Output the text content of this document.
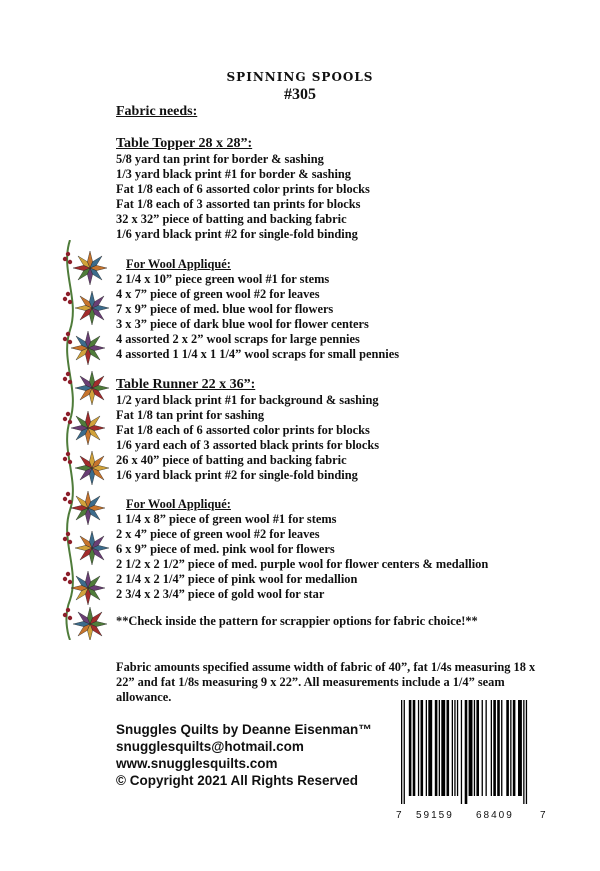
SPINNING SPOOLS
#305
Fabric needs:
Table Topper 28 x 28”:
5/8 yard tan print for border & sashing
1/3 yard black print #1 for border & sashing
Fat 1/8 each of 6 assorted color prints for blocks
Fat 1/8 each of 3 assorted tan prints for blocks
32 x 32” piece of batting and backing fabric
1/6 yard black print #2 for single-fold binding
For Wool Appliqué:
2 1/4 x 10” piece green wool #1 for stems
4 x 7” piece of green wool #2 for leaves
7 x 9” piece of med. blue wool for flowers
3 x 3” piece of dark blue wool for flower centers
4 assorted 2 x 2” wool scraps for large pennies
4 assorted 1 1/4 x 1 1/4” wool scraps for small pennies
Table Runner 22 x 36”:
1/2 yard black print #1 for background & sashing
Fat 1/8 tan print for sashing
Fat 1/8 each of 6 assorted color prints for blocks
1/6 yard each of 3 assorted black prints for blocks
26 x 40” piece of batting and backing fabric
1/6 yard black print #2 for single-fold binding
For Wool Appliqué:
1 1/4 x 8” piece of green wool #1 for stems
2 x 4” piece of green wool #2 for leaves
6 x 9” piece of med. pink wool for flowers
2 1/2 x 2 1/2” piece of med. purple wool for flower centers & medallion
2 1/4 x 2 1/4” piece of pink wool for medallion
2 3/4 x 2 3/4” piece of gold wool for star
**Check inside the pattern for scrappier options for fabric choice!**
Fabric amounts specified assume width of fabric of 40”, fat 1/4s measuring 18 x 22” and fat 1/8s measuring 9 x 22”. All measurements include a 1/4” seam allowance.
Snuggles Quilts by Deanne Eisenman™
snugglesquilts@hotmail.com
www.snugglesquilts.com
© Copyright 2021 All Rights Reserved
7 59159 68409	7
